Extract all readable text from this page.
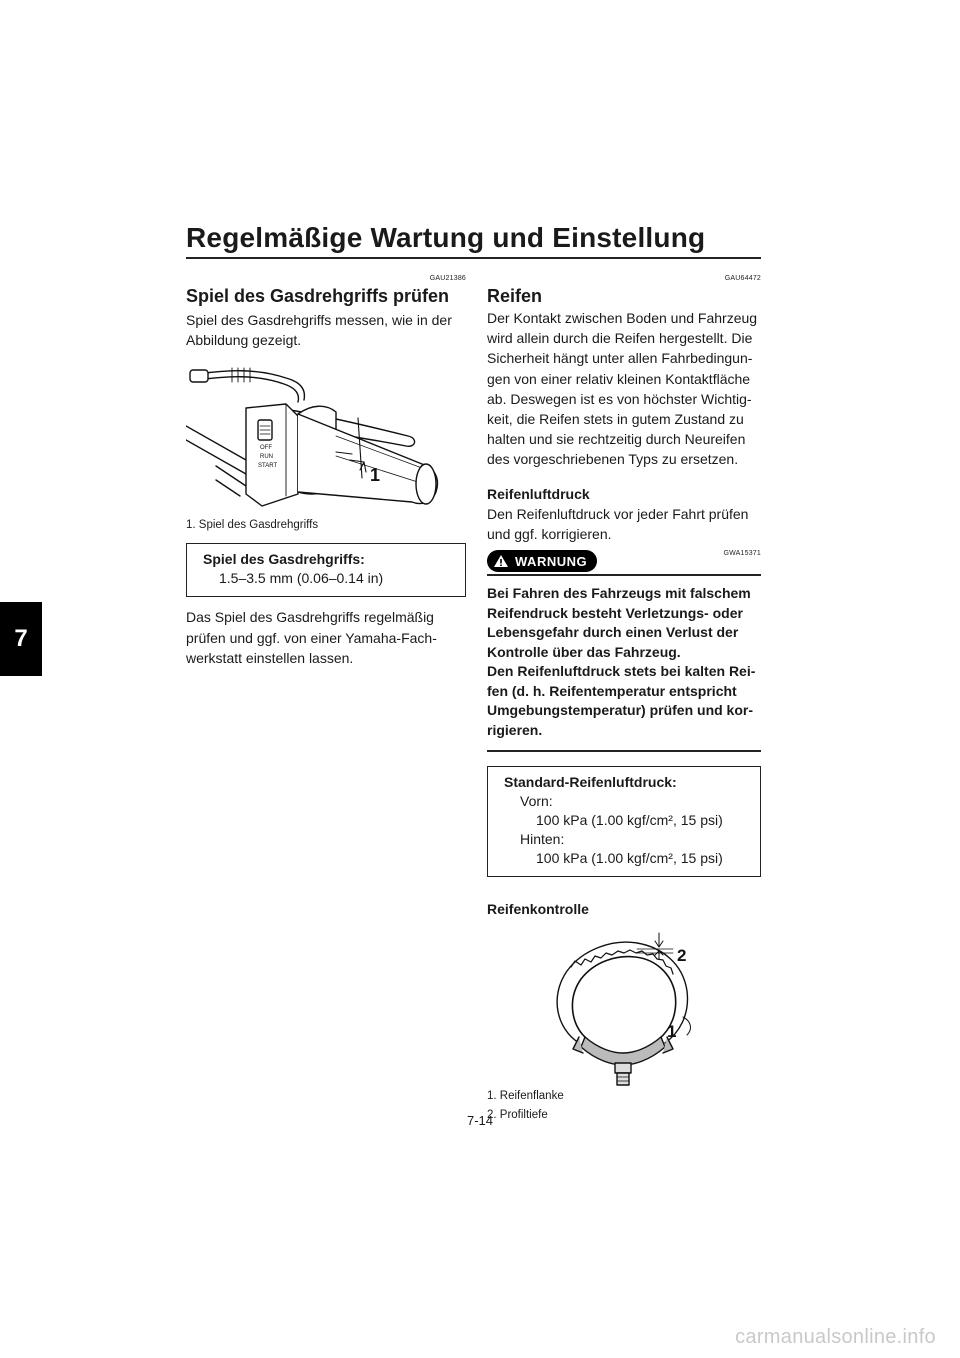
Regelmäßige Wartung und Einstellung
7
GAU21386
Spiel des Gasdrehgriffs prüfen
Spiel des Gasdrehgriffs messen, wie in der Abbildung gezeigt.
OFF
RUN
START	1
1. Spiel des Gasdrehgriffs
Spiel des Gasdrehgriffs:
1.5–3.5 mm (0.06–0.14 in)
Das Spiel des Gasdrehgriffs regelmäßig prüfen und ggf. von einer Yamaha-Fach-werkstatt einstellen lassen.
GAU64472
Reifen
Der Kontakt zwischen Boden und Fahrzeug wird allein durch die Reifen hergestellt. Die Sicherheit hängt unter allen Fahrbedingun-gen von einer relativ kleinen Kontaktfläche ab. Deswegen ist es von höchster Wichtig-keit, die Reifen stets in gutem Zustand zu halten und sie rechtzeitig durch Neureifen des vorgeschriebenen Typs zu ersetzen.
Reifenluftdruck
Den Reifenluftdruck vor jeder Fahrt prüfen und ggf. korrigieren.
WARNUNG	GWA15371
Bei Fahren des Fahrzeugs mit falschem Reifendruck besteht Verletzungs- oder Lebensgefahr durch einen Verlust der Kontrolle über das Fahrzeug.
Den Reifenluftdruck stets bei kalten Rei-fen (d. h. Reifentemperatur entspricht Umgebungstemperatur) prüfen und kor-rigieren.
Standard-Reifenluftdruck:
Vorn:
100 kPa (1.00 kgf/cm², 15 psi)
Hinten:
100 kPa (1.00 kgf/cm², 15 psi)
Reifenkontrolle
2
1
1. Reifenflanke
2. Profiltiefe
7-14
carmanualsonline.info
